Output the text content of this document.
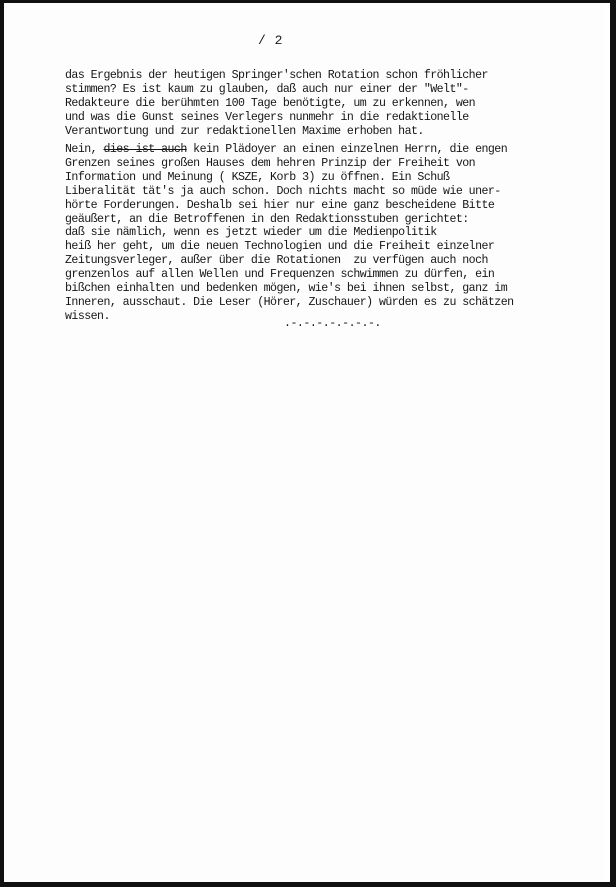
/ 2
das Ergebnis der heutigen Springer'schen Rotation schon fröhlicher
stimmen? Es ist kaum zu glauben, daß auch nur einer der "Welt"-
Redakteure die berühmten 100 Tage benötigte, um zu erkennen, wen
und was die Gunst seines Verlegers nunmehr in die redaktionelle
Verantwortung und zur redaktionellen Maxime erhoben hat.
Nein, dies ist auch kein Plädoyer an einen einzelnen Herrn, die engen
Grenzen seines großen Hauses dem hehren Prinzip der Freiheit von
Information und Meinung ( KSZE, Korb 3) zu öffnen. Ein Schuß
Liberalität tät's ja auch schon. Doch nichts macht so müde wie uner-
hörte Forderungen. Deshalb sei hier nur eine ganz bescheidene Bitte
geäußert, an die Betroffenen in den Redaktionsstuben gerichtet:
daß sie nämlich, wenn es jetzt wieder um die Medienpolitik
heiß her geht, um die neuen Technologien und die Freiheit einzelner
Zeitungsverleger, außer über die Rotationen  zu verfügen auch noch
grenzenlos auf allen Wellen und Frequenzen schwimmen zu dürfen, ein
bißchen einhalten und bedenken mögen, wie's bei ihnen selbst, ganz im
Inneren, ausschaut. Die Leser (Hörer, Zuschauer) würden es zu schätzen
wissen.
.-.-.-.-.-.-.-.
